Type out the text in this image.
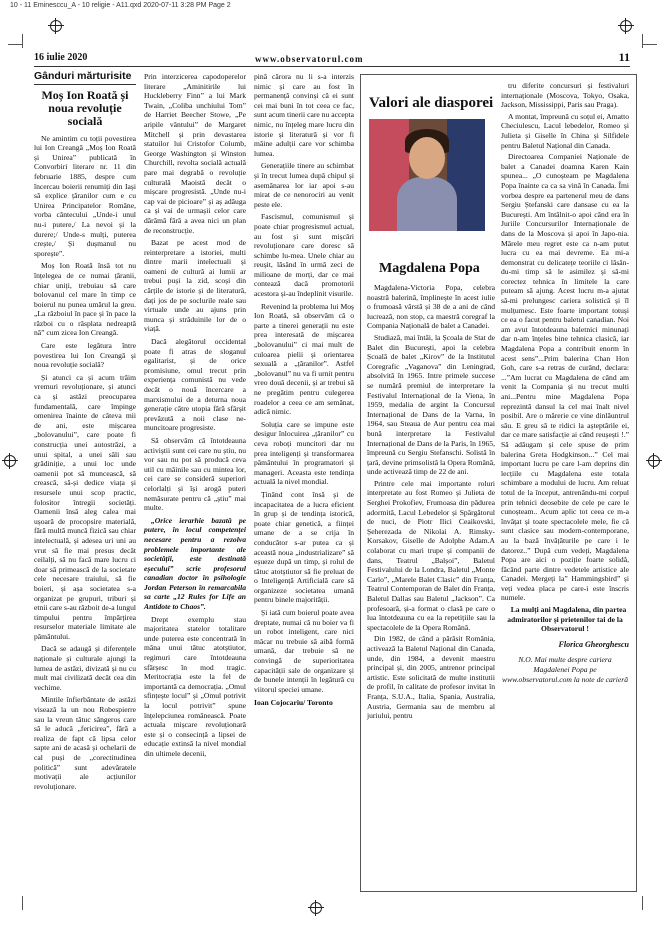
10 - 11 Eminesccu_A - 10 religie - A11.qxd 2020-07-11 3:28 PM Page 2
16 iulie 2020	www.observatorul.com	11
Gânduri mărturisite
Moș Ion Roată și noua revoluție socială

Ne amintim cu toții povestirea lui Ion Creangă „Moș Ion Roată și Unirea” publicată în Convorbiri literare nr. 11 din februarie 1885, despre cum încercau boierii renumiți din Iași să explice țăranilor cum e cu Unirea Principatelor Române, vorba cântecului „Unde-i unul nu-i putere,/ La nevoi și la durere;/ Unde-s mulți, puterea crește,/ Și dușmanul nu sporește”.

Moș Ion Roată însă tot nu înțelegea de ce numai țăranii, chiar uniți, trebuiau să care bolovanul cel mare în timp ce boierul nu punea umărul la greu. „La războiul în pace și în pace la război cu o răsplata nedreaptă nă” cum zicea Ion Creangă.

Care este legătura între povestirea lui Ion Creangă și noua revoluție socială?

Și atunci ca și acum trăim vremuri revoluționare, și atunci ca și astăzi preocuparea fundamentală, care împinge omenirea înainte de câteva mii de ani, este mișcarea „bolovanului”, care poate fi construcția unei autostrăzi, a unui spital, a unei săli sau grădiniție, a unui loc unde oamenii pot să muncească, să crească, să-și dedice viața și resursele unui scop practic, folositor întregii societăți. Oamenii însă aleg calea mai ușoară de procopsire materială, fără multă muncă fizică sau chiar intelectuală, și adesea uri uni au vrut să fie mai presus decât ceilalți, să nu facă mare lucru ci doar să primească de la societate cele necesare traiului, să fie boieri, și așa societatea s-a organizat pe grupuri, triburi și etnii care s-au războit de-a lungul timpului pentru împărțirea resurselor materiale limitate ale pământului.

Dacă se adaugă și diferențele naționale și culturale ajungi la lumea de astăzi, divizată și nu cu mult mai civilizată decât cea din vechime.

Mintile înfierbântate de astăzi visează la un nou Robespierre sau la vreun tătuc sângeros care să le aducă „fericirea”, fără a realiza de fapt că lipsa celor sapte ani de acasă și ochelarii de cal puși de „corectitudinea politică” sunt adevăratele motivații ale acțiunilor revoluționare.

Prin interzicerea capodoperelor literare „Aminitirile lui Huckleberry Finn” a lui Mark Twain, „Coliba unchiului Tom” de Harriet Beecher Stowe, „Pe aripile vântului” de Margaret Mitchell și prin devastarea statuilor lui Cristofor Columb, George Washington și Winston Churchill, revolta socială actuală pare mai degrabă o revoluție culturală Maoistă decât o mișcare progresistă. „Unde nu-i cap vai de picioare” și aș adăuga ca și vai de urmașii celor care dărâmă fără a avea nici un plan de reconstrucție.

Bazat pe acest mod de reinterpretare a istoriei, multi dintre marii intelectuali și oameni de cultură ai lumii ar trebui puși la zid, scoși din cărțile de istorie și de literatură, dați jos de pe soclurile reale sau virtuale unde au ajuns prin munca și străduinile lor de o viață.

Dacă alegătorul occidental poate fi atras de sloganul egalitarist, și de orice promisiune, omul trecut prin experiența comunistă nu vede decât o nouă încercare a marxismului de a deturna noua generație către utopia fără sfârșit prevăzută a noii clase ne-muncitoare progresiste.

Să observăm că întotdeauna activiștii sunt cei care nu știu, nu vor sau nu pot să producă ceva util cu mâinile sau cu mintea lor, cei care se consideră superiori celorlalți și își arogă puteri nemăsurate pentru că „știu” mai multe.

„Orice ierarhie bazată pe putere, în locul competenței necesare pentru a rezolva problemele importante ale societății, este destinată eșecului” scrie profesorul canadian doctor în psihologie Jordan Peterson în remarcabila sa carte „12 Rules for Life an Antidote to Chaos”.

Drept exemplu stau majoritatea statelor totalitare unde puterea este concentrată în mâna unui tătuc atotștiutor, regimuri care întotdeauna sfârșesc în mod tragic. Meritocrația este la fel de importantă ca democrația. „Omul sfințește locul” și „Omul potrivit la locul potrivit” spune înțelepciunea românească. Poate actuala mișcare revoluționară este și o consecință a lipsei de educație extinsă la nivel mondial din ultimele decenii,

pină cărora nu li s-a interzis nimic și care au fost în permanență convinși că ei sunt cei mai buni în tot ceea ce fac, sunt acum tinerii care nu accepta nimic, nu înțeleg mare lucru din istorie și literatură și vor fi mâine adulții care vor schimba lumea.

Generațiile tinere au schimbat și în trecut lumea după chipul și asemănarea lor iar apoi s-au mirat de ce nenorociri au venit peste ele.

Fascismul, comunismul și poate chiar progresismul actual, au fost și sunt mișcări revoluționare care doresc să schimbe lu-mea. Unele chiar au reușit, lăsând în urmă zeci de milioane de morți, dar ce mai contează dacă promotorii acestora și-au îndeplinit visurile.

Revenind la problema lui Moș Ion Roată, să observăm că o parte a tinerei generații nu este prea interesată de mișcarea „bolovanului” ci mai mult de culoarea pielii și orientarea sexuală a „țăranilor”. Astfel „bolovanul” nu va fi urnit pentru vreo două decenii, și ar trebui să ne pregătim pentru culegerea roadelor a ceea ce am semănat, adică nimic.

Soluția care se impune este desigur înlocuirea „țăranilor” cu ceva roboți muncitori dar nu prea inteligenți și transformarea pământului în programatori și manageri. Aceasta este tendința actuală la nivel mondial.

Ținând cont însă și de incapacitatea de a lucra eficient în grup și de tendința istorică, poate chiar genetică, a ființei umane de a se crija în conducător s-ar putea ca și această noua „industrializare” să eșueze după un timp, și rolul de tătuc atotștiutor să fie preluat de o Inteligență Artificială care să organizeze societatea umană pentru binele majorității.

Și iată cum boierul poate avea dreptate, numai că nu boier va fi un robot inteligent, care nici măcar nu trebuie să aibă formă umană, dar trebuie să ne convingă de superioritatea capacității sale de organizare și de bunele intenții în legătură cu viitorul speciei umane.

Ioan Cojocariu/ Toronto
Valori ale diasporei
Magdalena Popa

Magdalena-Victoria Popa, celebra noastră balerină, împlinește în acest iulie o frumoasă vârstă și 38 de a ani de când lucrează, non stop, ca maestră coregraf la Compania Națională de balet a Canadei.

Studiază, mai întâi, la Școala de Stat de Balet din București, apoi la celebra Școală de balet „Kirov” de la Institutul Coregrafic „Vaganova” din Leningrad, absolvită în 1965. Intre primele succese se numără premiul de interpretare la Festivalul Internațional de la Viena, în 1959, medalia de argint la Concursul Internațional de Dans de la Varna, în 1964, sau Steaua de Aur pentru cea mai bună interpretare la Festivalul Internațional de Dans de la Paris, în 1965, împreună cu Sergiu Stefanschi. Solistă în țară, devine primsolistă la Opera Română, unde activează timp de 22 de ani.

Printre cele mai importante roluri interpretate au fost Romeo și Julieta de Serghei Prokofiev, Frumoasa din pădurea adormită, Lacul Lebedelor și Spărgătorul de nuci, de Piotr Ilici Ceaikovski, Șeherezada de Nikolai A. Rimsky-Korsakov, Giselle de Adolphe Adam.A colaborat cu mari trupe și companii de dans, Teatrul „Balșoi”, Baletul Festivalului de la Londra, Baletul „Monte Carlo”, „Marele Balet Clasic” din Franța, Teatrul Contemporan de Balet din Franța, Baletul Dallas sau Baletul „Jackson”. Ca profesoară, și-a format o clasă pe care o lua întotdeauna cu ea la repetițiile sau la spectacolele de la Opera Română.

Din 1982, de când a părăsit România, activează la Baletul Național din Canada, unde, din 1984, a devenit maestru principal și, din 2005, antrenor principal artistic. Este solicitată de multe institutii de profil, în calitate de profesor invitat în Franța, S.U.A., Italia, Spania, Australia, Austria, Germania sau de membru al juriului, pentru

tru diferite concursuri și festivaluri internaționale (Moscova, Tokyo, Osaka, Jackson, Mississippi, Paris sau Praga).

A montat, împreună cu soțul ei, Amatto Checiulescu, Lacul lebedelor, Romeo și Julieta și Giselle în China și Silfidele pentru Baletul Național din Canada.

Directoarea Companiei Naționale de balet a Canadei doamna Karen Kain spunea... „O cunoșteam pe Magdalena Popa înainte ca ca sa vină în Canada. Îmi vorbea despre ea partenerul meu de dans Sergiu Ștefanski care dansase cu ea la București. Am întâlnit-o apoi când era în Juriile Concursurilor Internaționale de dans de la Moscova și apoi în Japo-nia. Mărele meu regret este ca n-am putut lucra cu ea mai devreme. Ea mi-a demonstrat cu delicatețe teoriile ci lăsân-du-mi timp să le asimilez și să-mi corectez tehnica în limitele la care puteam să ajung. Acest lucru m-a ajutat să-mi prelungesc cariera solistică și îl mulțumesc. Este foarte important totuși ce ea o facut pentru baletul canadian. Noi am avut întotdeauna baletnici minunați dar n-am înțeles bine tehnica clasică, iar Magdalena Popa a contribuit enorm în acest sens”...Prim balerina Chan Hon Goh, care s-a retras de curând, declara: ...”Am lucrat cu Magdalena de când am venit la Compania și nu trecut multi ani...Pentru mine Magdalena Popa reprezintă dansul la cel mai înalt nivel posibil. Are o mărerie ce vine dinlăuntrul său. E greu să te ridici la așteptările ei, dar ce mare satisfacție ai când reușești !.” Să adăugam și cele spuse de prim balerina Greta Hodgkinson...” Cel mai important lucru pe care l-am deprins din lecțiile cu Magdalena este totala schimbare a modului de lucru. Am reluat totul de la început, antrenându-mi corpul prin tehnici deosebite de cele pe care le cunoșteam.. Acum aplic tot ceea ce m-a învățat și toate spectacolele mele, fie că sunt clasice sau modern-contemporane, au la bază învățăturile pe care i le datorez..” După cum vedeți, Magdalena Popa are aici o poziție foarte solidă, făcând parte dintre vedetele artistice ale Canadei. Mergeți la” Hammingsbird” și veți vedea placa pe care-i este înscris numele.

La mulți ani Magdalena, din partea admiratorilor și prietenilor tai de la Observatorul !

Florica Gheorghescu
N.O. Mai multe despre cariera Magdalenei Popa pe www.observatorul.com la note de carieră
